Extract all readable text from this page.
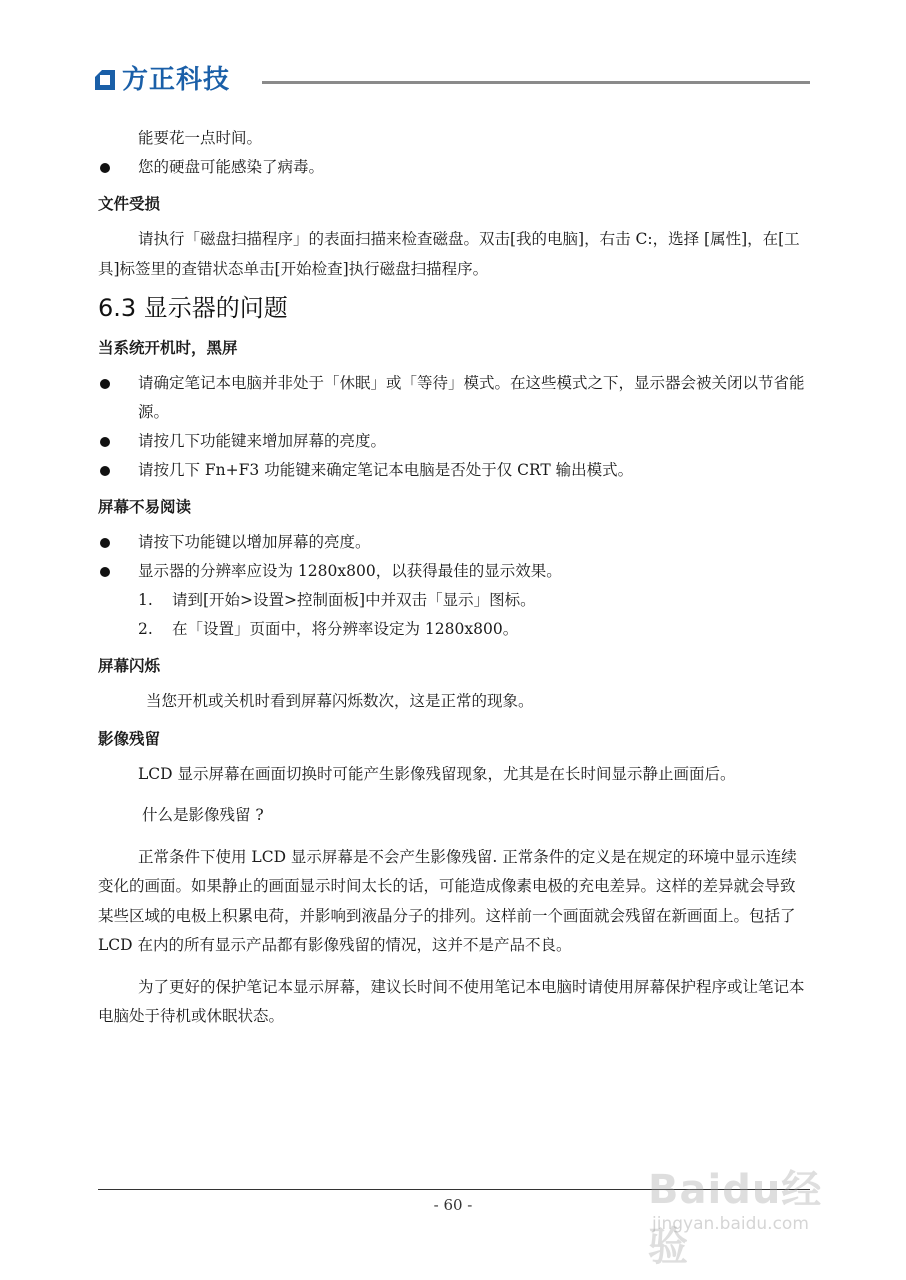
方正科技

能要花一点时间。

您的硬盘可能感染了病毒。

文件受损

请执行「磁盘扫描程序」的表面扫描来检查磁盘。双击[我的电脑]，右击 C:，选择 [属性]，在[工具]标签里的查错状态单击[开始检查]执行磁盘扫描程序。

6.3 显示器的问题
当系统开机时，黑屏

请确定笔记本电脑并非处于「休眠」或「等待」模式。在这些模式之下，显示器会被关闭以节省能源。

请按几下功能键来增加屏幕的亮度。

请按几下 Fn+F3 功能键来确定笔记本电脑是否处于仅 CRT 输出模式。

屏幕不易阅读

请按下功能键以增加屏幕的亮度。

显示器的分辨率应设为 1280x800，以获得最佳的显示效果。

1. 请到[开始>设置>控制面板]中并双击「显示」图标。

2. 在「设置」页面中，将分辨率设定为 1280x800。

屏幕闪烁

当您开机或关机时看到屏幕闪烁数次，这是正常的现象。

影像残留

LCD 显示屏幕在画面切换时可能产生影像残留现象，尤其是在长时间显示静止画面后。

什么是影像残留 ?

正常条件下使用 LCD 显示屏幕是不会产生影像残留. 正常条件的定义是在规定的环境中显示连续变化的画面。如果静止的画面显示时间太长的话，可能造成像素电极的充电差异。这样的差异就会导致某些区域的电极上积累电荷，并影响到液晶分子的排列。这样前一个画面就会残留在新画面上。包括了 LCD 在内的所有显示产品都有影像残留的情况，这并不是产品不良。

为了更好的保护笔记本显示屏幕，建议长时间不使用笔记本电脑时请使用屏幕保护程序或让笔记本电脑处于待机或休眠状态。

- 60 -	Baidu经验
jingyan.baidu.com
